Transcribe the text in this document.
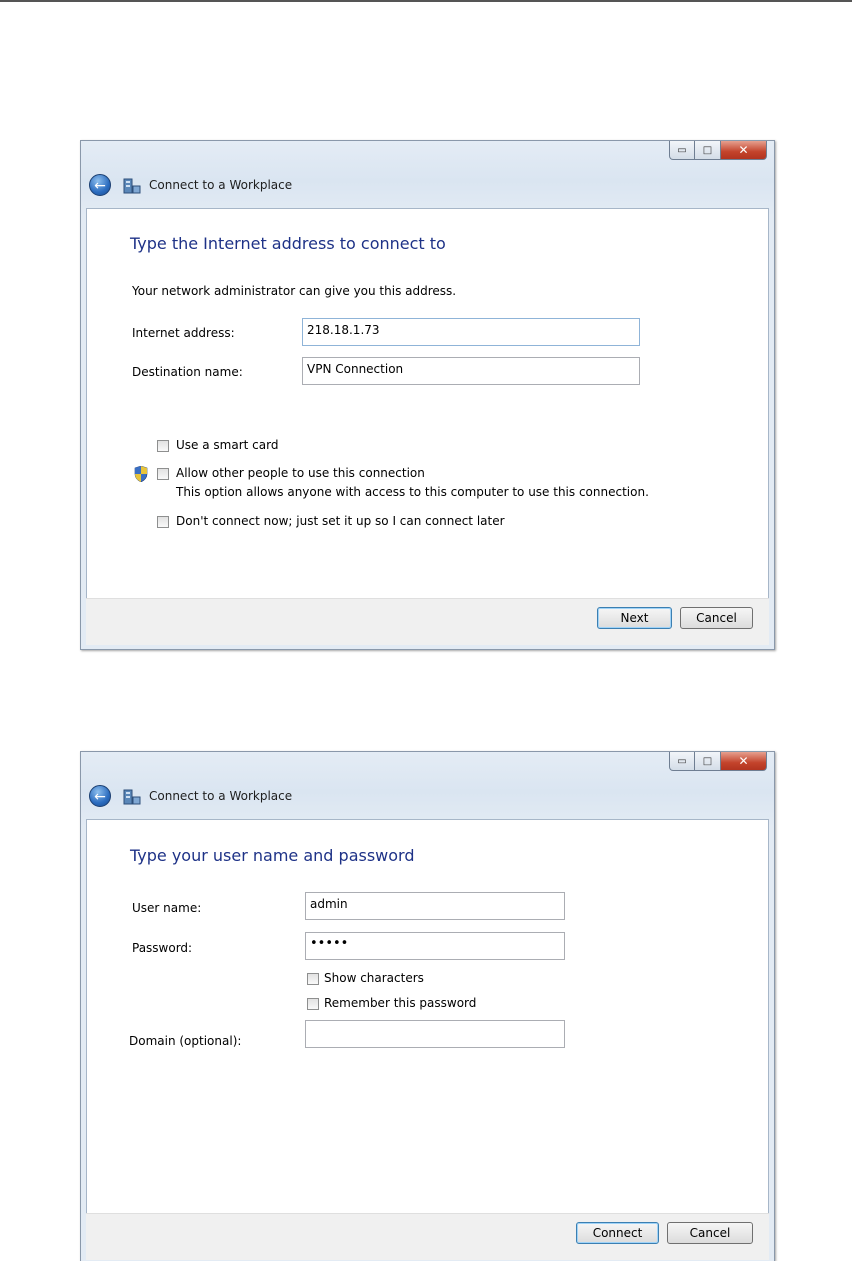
▭ □ ✕
←	Connect to a Workplace
Type the Internet address to connect to
Your network administrator can give you this address.
Internet address:	218.18.1.73
Destination name:	VPN Connection
Use a smart card
Allow other people to use this connection
This option allows anyone with access to this computer to use this connection.
Don't connect now; just set it up so I can connect later
Next	Cancel
▭ □ ✕
←	Connect to a Workplace
Type your user name and password
User name:	admin
Password:	•••••
Show characters
Remember this password
Domain (optional):
Connect	Cancel
